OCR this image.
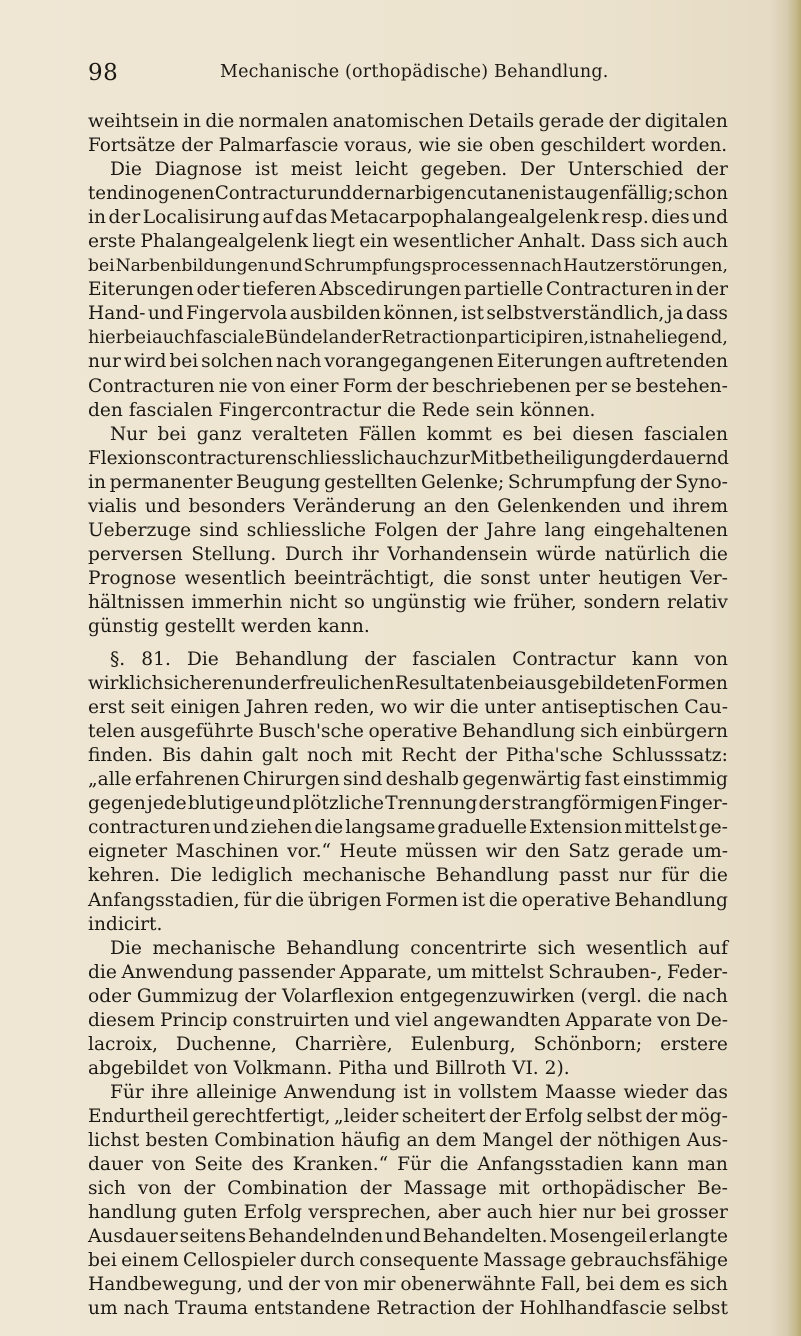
98	Mechanische (orthopädische) Behandlung.
weihtsein in die normalen anatomischen Details gerade der digitalen
Fortsätze der Palmarfascie voraus, wie sie oben geschildert worden.
Die Diagnose ist meist leicht gegeben. Der Unterschied der
tendinogenen Contractur und der narbigen cutanen ist augenfällig; schon
in der Localisirung auf das Metacarpophalangealgelenk resp. dies und
erste Phalangealgelenk liegt ein wesentlicher Anhalt. Dass sich auch
bei Narbenbildungen und Schrumpfungsprocessen nach Hautzerstörungen,
Eiterungen oder tieferen Abscedirungen partielle Contracturen in der
Hand- und Fingervola ausbilden können, ist selbstverständlich, ja dass
hierbei auch fasciale Bündel an der Retraction participiren, ist naheliegend,
nur wird bei solchen nach vorangegangenen Eiterungen auftretenden
Contracturen nie von einer Form der beschriebenen per se bestehen-
den fascialen Fingercontractur die Rede sein können.
Nur bei ganz veralteten Fällen kommt es bei diesen fascialen
Flexionscontracturen schliesslich auch zur Mitbetheiligung der dauernd
in permanenter Beugung gestellten Gelenke; Schrumpfung der Syno-
vialis und besonders Veränderung an den Gelenkenden und ihrem
Ueberzuge sind schliessliche Folgen der Jahre lang eingehaltenen
perversen Stellung. Durch ihr Vorhandensein würde natürlich die
Prognose wesentlich beeinträchtigt, die sonst unter heutigen Ver-
hältnissen immerhin nicht so ungünstig wie früher, sondern relativ
günstig gestellt werden kann.
§. 81. Die Behandlung der fascialen Contractur kann von
wirklich sicheren und erfreulichen Resultaten bei ausgebildeten Formen
erst seit einigen Jahren reden, wo wir die unter antiseptischen Cau-
telen ausgeführte Busch'sche operative Behandlung sich einbürgern
finden. Bis dahin galt noch mit Recht der Pitha'sche Schlusssatz:
„alle erfahrenen Chirurgen sind deshalb gegenwärtig fast einstimmig
gegen jede blutige und plötzliche Trennung der strangförmigen Finger-
contracturen und ziehen die langsame graduelle Extension mittelst ge-
eigneter Maschinen vor.“ Heute müssen wir den Satz gerade um-
kehren. Die lediglich mechanische Behandlung passt nur für die
Anfangsstadien, für die übrigen Formen ist die operative Behandlung
indicirt.
Die mechanische Behandlung concentrirte sich wesentlich auf
die Anwendung passender Apparate, um mittelst Schrauben-, Feder-
oder Gummizug der Volarflexion entgegenzuwirken (vergl. die nach
diesem Princip construirten und viel angewandten Apparate von De-
lacroix, Duchenne, Charrière, Eulenburg, Schönborn; erstere
abgebildet von Volkmann. Pitha und Billroth VI. 2).
Für ihre alleinige Anwendung ist in vollstem Maasse wieder das
Endurtheil gerechtfertigt, „leider scheitert der Erfolg selbst der mög-
lichst besten Combination häufig an dem Mangel der nöthigen Aus-
dauer von Seite des Kranken.“ Für die Anfangsstadien kann man
sich von der Combination der Massage mit orthopädischer Be-
handlung guten Erfolg versprechen, aber auch hier nur bei grosser
Ausdauer seitens Behandelnden und Behandelten. Mosengeil erlangte
bei einem Cellospieler durch consequente Massage gebrauchsfähige
Handbewegung, und der von mir obenerwähnte Fall, bei dem es sich
um nach Trauma entstandene Retraction der Hohlhandfascie selbst
